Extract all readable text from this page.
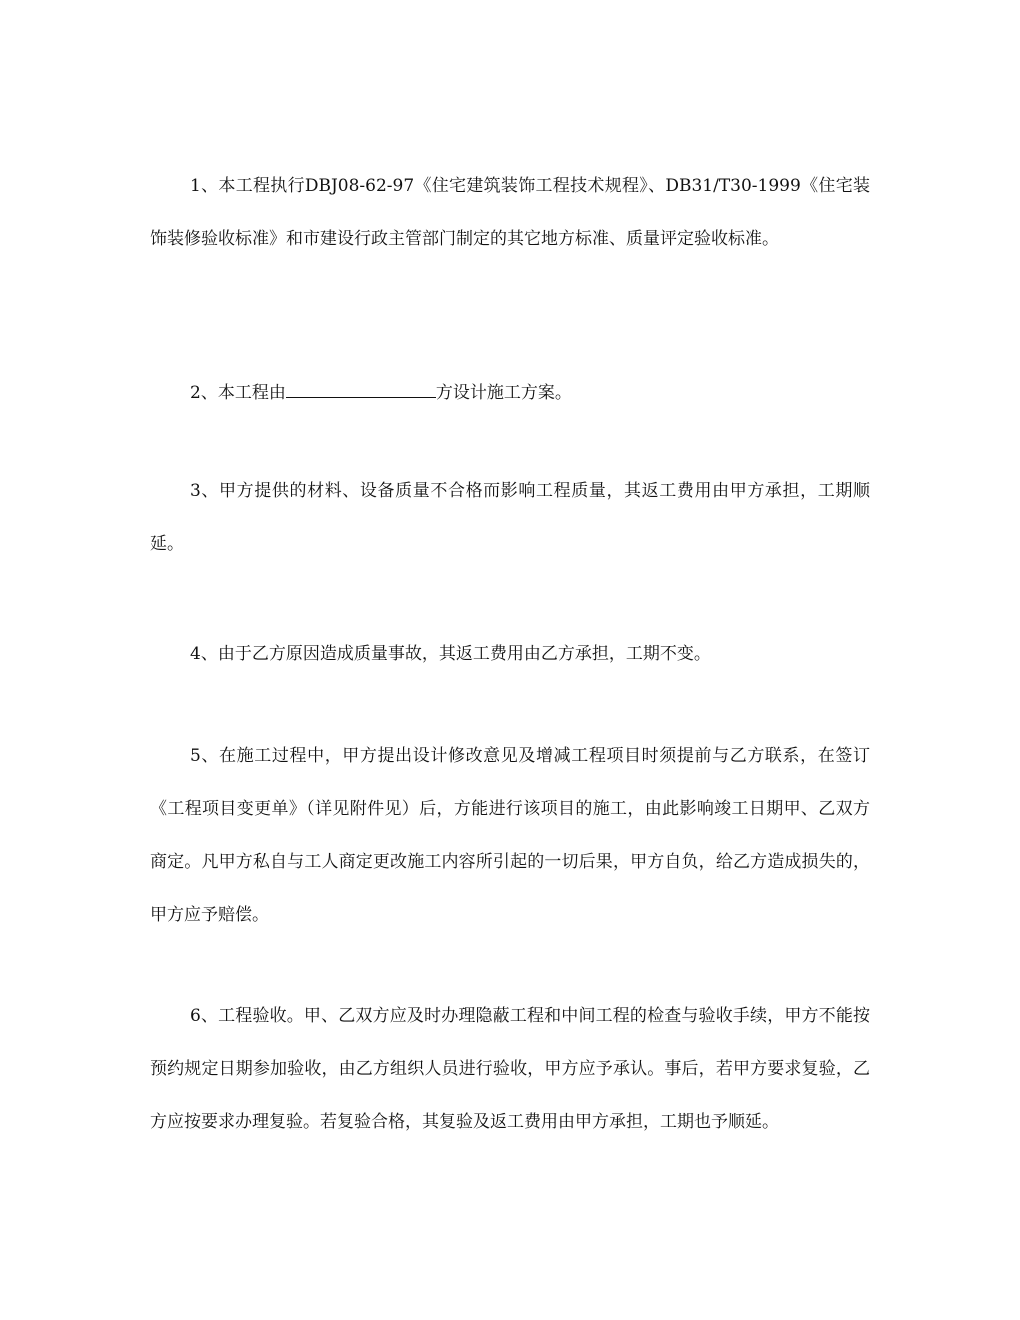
1、本工程执行DBJ08-62-97《住宅建筑装饰工程技术规程》、DB31/T30-1999《住宅装饰装修验收标准》和市建设行政主管部门制定的其它地方标准、质量评定验收标准。

2、本工程由	方设计施工方案。

3、甲方提供的材料、设备质量不合格而影响工程质量，其返工费用由甲方承担，工期顺延。

4、由于乙方原因造成质量事故，其返工费用由乙方承担，工期不变。

5、在施工过程中，甲方提出设计修改意见及增减工程项目时须提前与乙方联系，在签订《工程项目变更单》（详见附件见）后，方能进行该项目的施工，由此影响竣工日期甲、乙双方商定。凡甲方私自与工人商定更改施工内容所引起的一切后果，甲方自负，给乙方造成损失的，甲方应予赔偿。

6、工程验收。甲、乙双方应及时办理隐蔽工程和中间工程的检查与验收手续，甲方不能按预约规定日期参加验收，由乙方组织人员进行验收，甲方应予承认。事后，若甲方要求复验，乙方应按要求办理复验。若复验合格，其复验及返工费用由甲方承担，工期也予顺延。
